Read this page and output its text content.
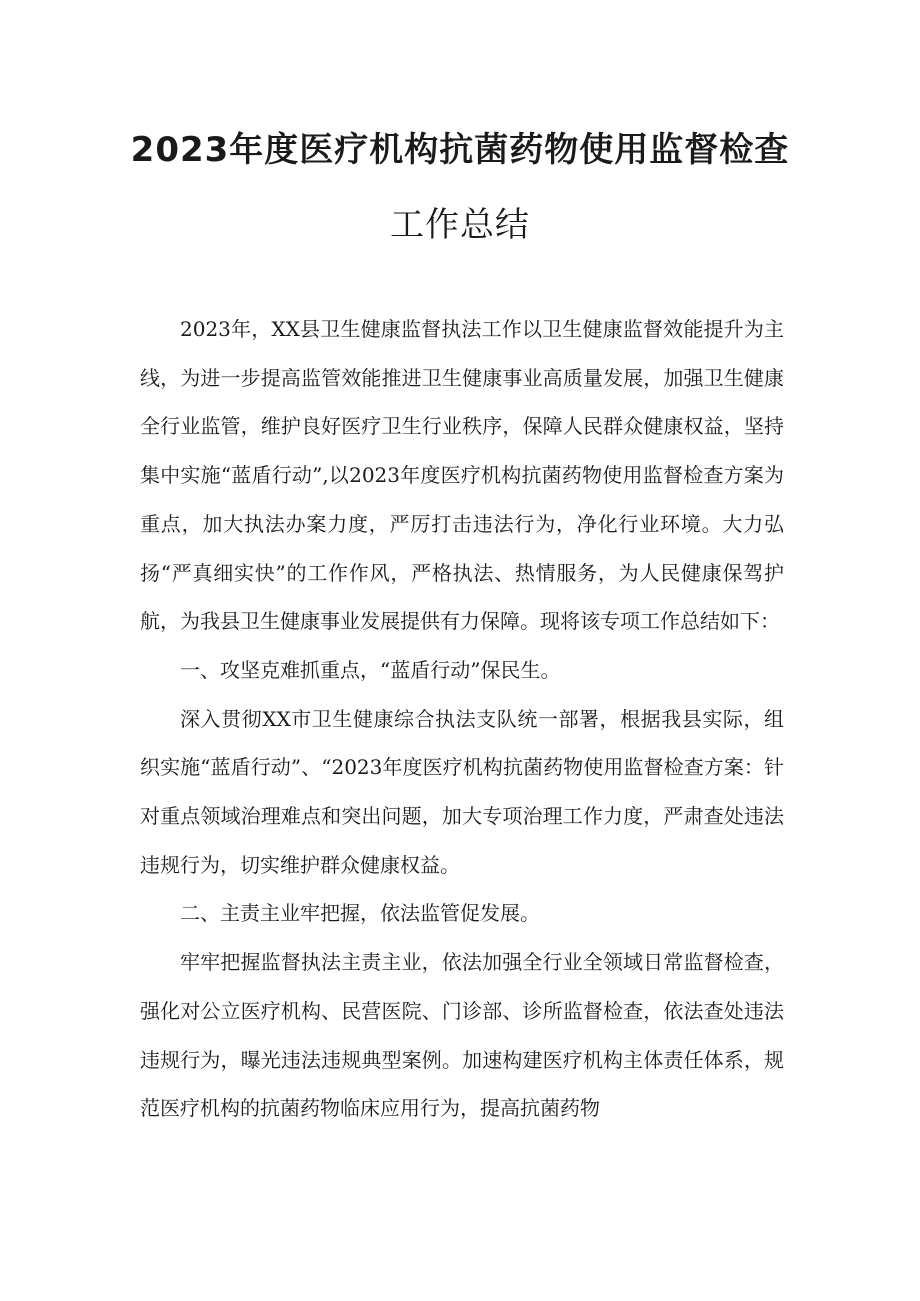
2023年度医疗机构抗菌药物使用监督检查
工作总结

2023年，XX县卫生健康监督执法工作以卫生健康监督效能提升为主线，为进一步提高监管效能推进卫生健康事业高质量发展，加强卫生健康全行业监管，维护良好医疗卫生行业秩序，保障人民群众健康权益，坚持集中实施“蓝盾行动”,以2023年度医疗机构抗菌药物使用监督检查方案为重点，加大执法办案力度，严厉打击违法行为，净化行业环境。大力弘扬“严真细实快”的工作作风，严格执法、热情服务，为人民健康保驾护航，为我县卫生健康事业发展提供有力保障。现将该专项工作总结如下：

一、攻坚克难抓重点，“蓝盾行动”保民生。

深入贯彻XX市卫生健康综合执法支队统一部署，根据我县实际，组织实施“蓝盾行动”、“2023年度医疗机构抗菌药物使用监督检查方案：针对重点领域治理难点和突出问题，加大专项治理工作力度，严肃查处违法违规行为，切实维护群众健康权益。

二、主责主业牢把握，依法监管促发展。

牢牢把握监督执法主责主业，依法加强全行业全领域日常监督检查，强化对公立医疗机构、民营医院、门诊部、诊所监督检查，依法查处违法违规行为，曝光违法违规典型案例。加速构建医疗机构主体责任体系，规范医疗机构的抗菌药物临床应用行为，提高抗菌药物
